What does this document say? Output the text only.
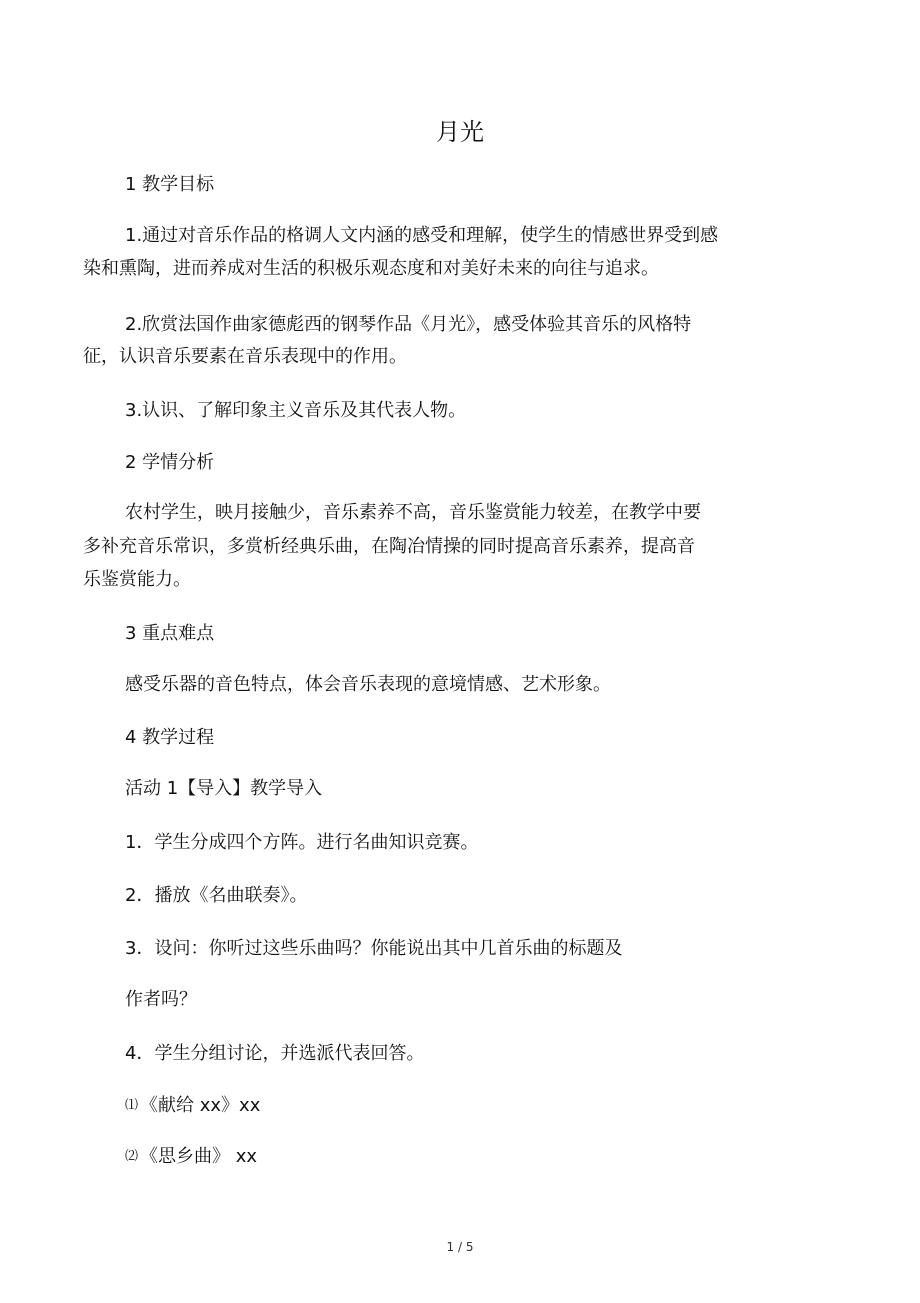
月光
1 教学目标
1.通过对音乐作品的格调人文内涵的感受和理解，使学生的情感世界受到感
染和熏陶，进而养成对生活的积极乐观态度和对美好未来的向往与追求。
2.欣赏法国作曲家德彪西的钢琴作品《月光》，感受体验其音乐的风格特
征，认识音乐要素在音乐表现中的作用。
3.认识、了解印象主义音乐及其代表人物。
2 学情分析
农村学生，映月接触少，音乐素养不高，音乐鉴赏能力较差，在教学中要
多补充音乐常识，多赏析经典乐曲，在陶冶情操的同时提高音乐素养，提高音
乐鉴赏能力。
3 重点难点
感受乐器的音色特点，体会音乐表现的意境情感、艺术形象。
4 教学过程
活动 1【导入】教学导入
1．学生分成四个方阵。进行名曲知识竞赛。
2．播放《名曲联奏》。
3．设问：你听过这些乐曲吗？你能说出其中几首乐曲的标题及
作者吗？
4．学生分组讨论，并选派代表回答。
⑴ 《献给 xx》xx
⑵ 《思乡曲》 xx
1 / 5
